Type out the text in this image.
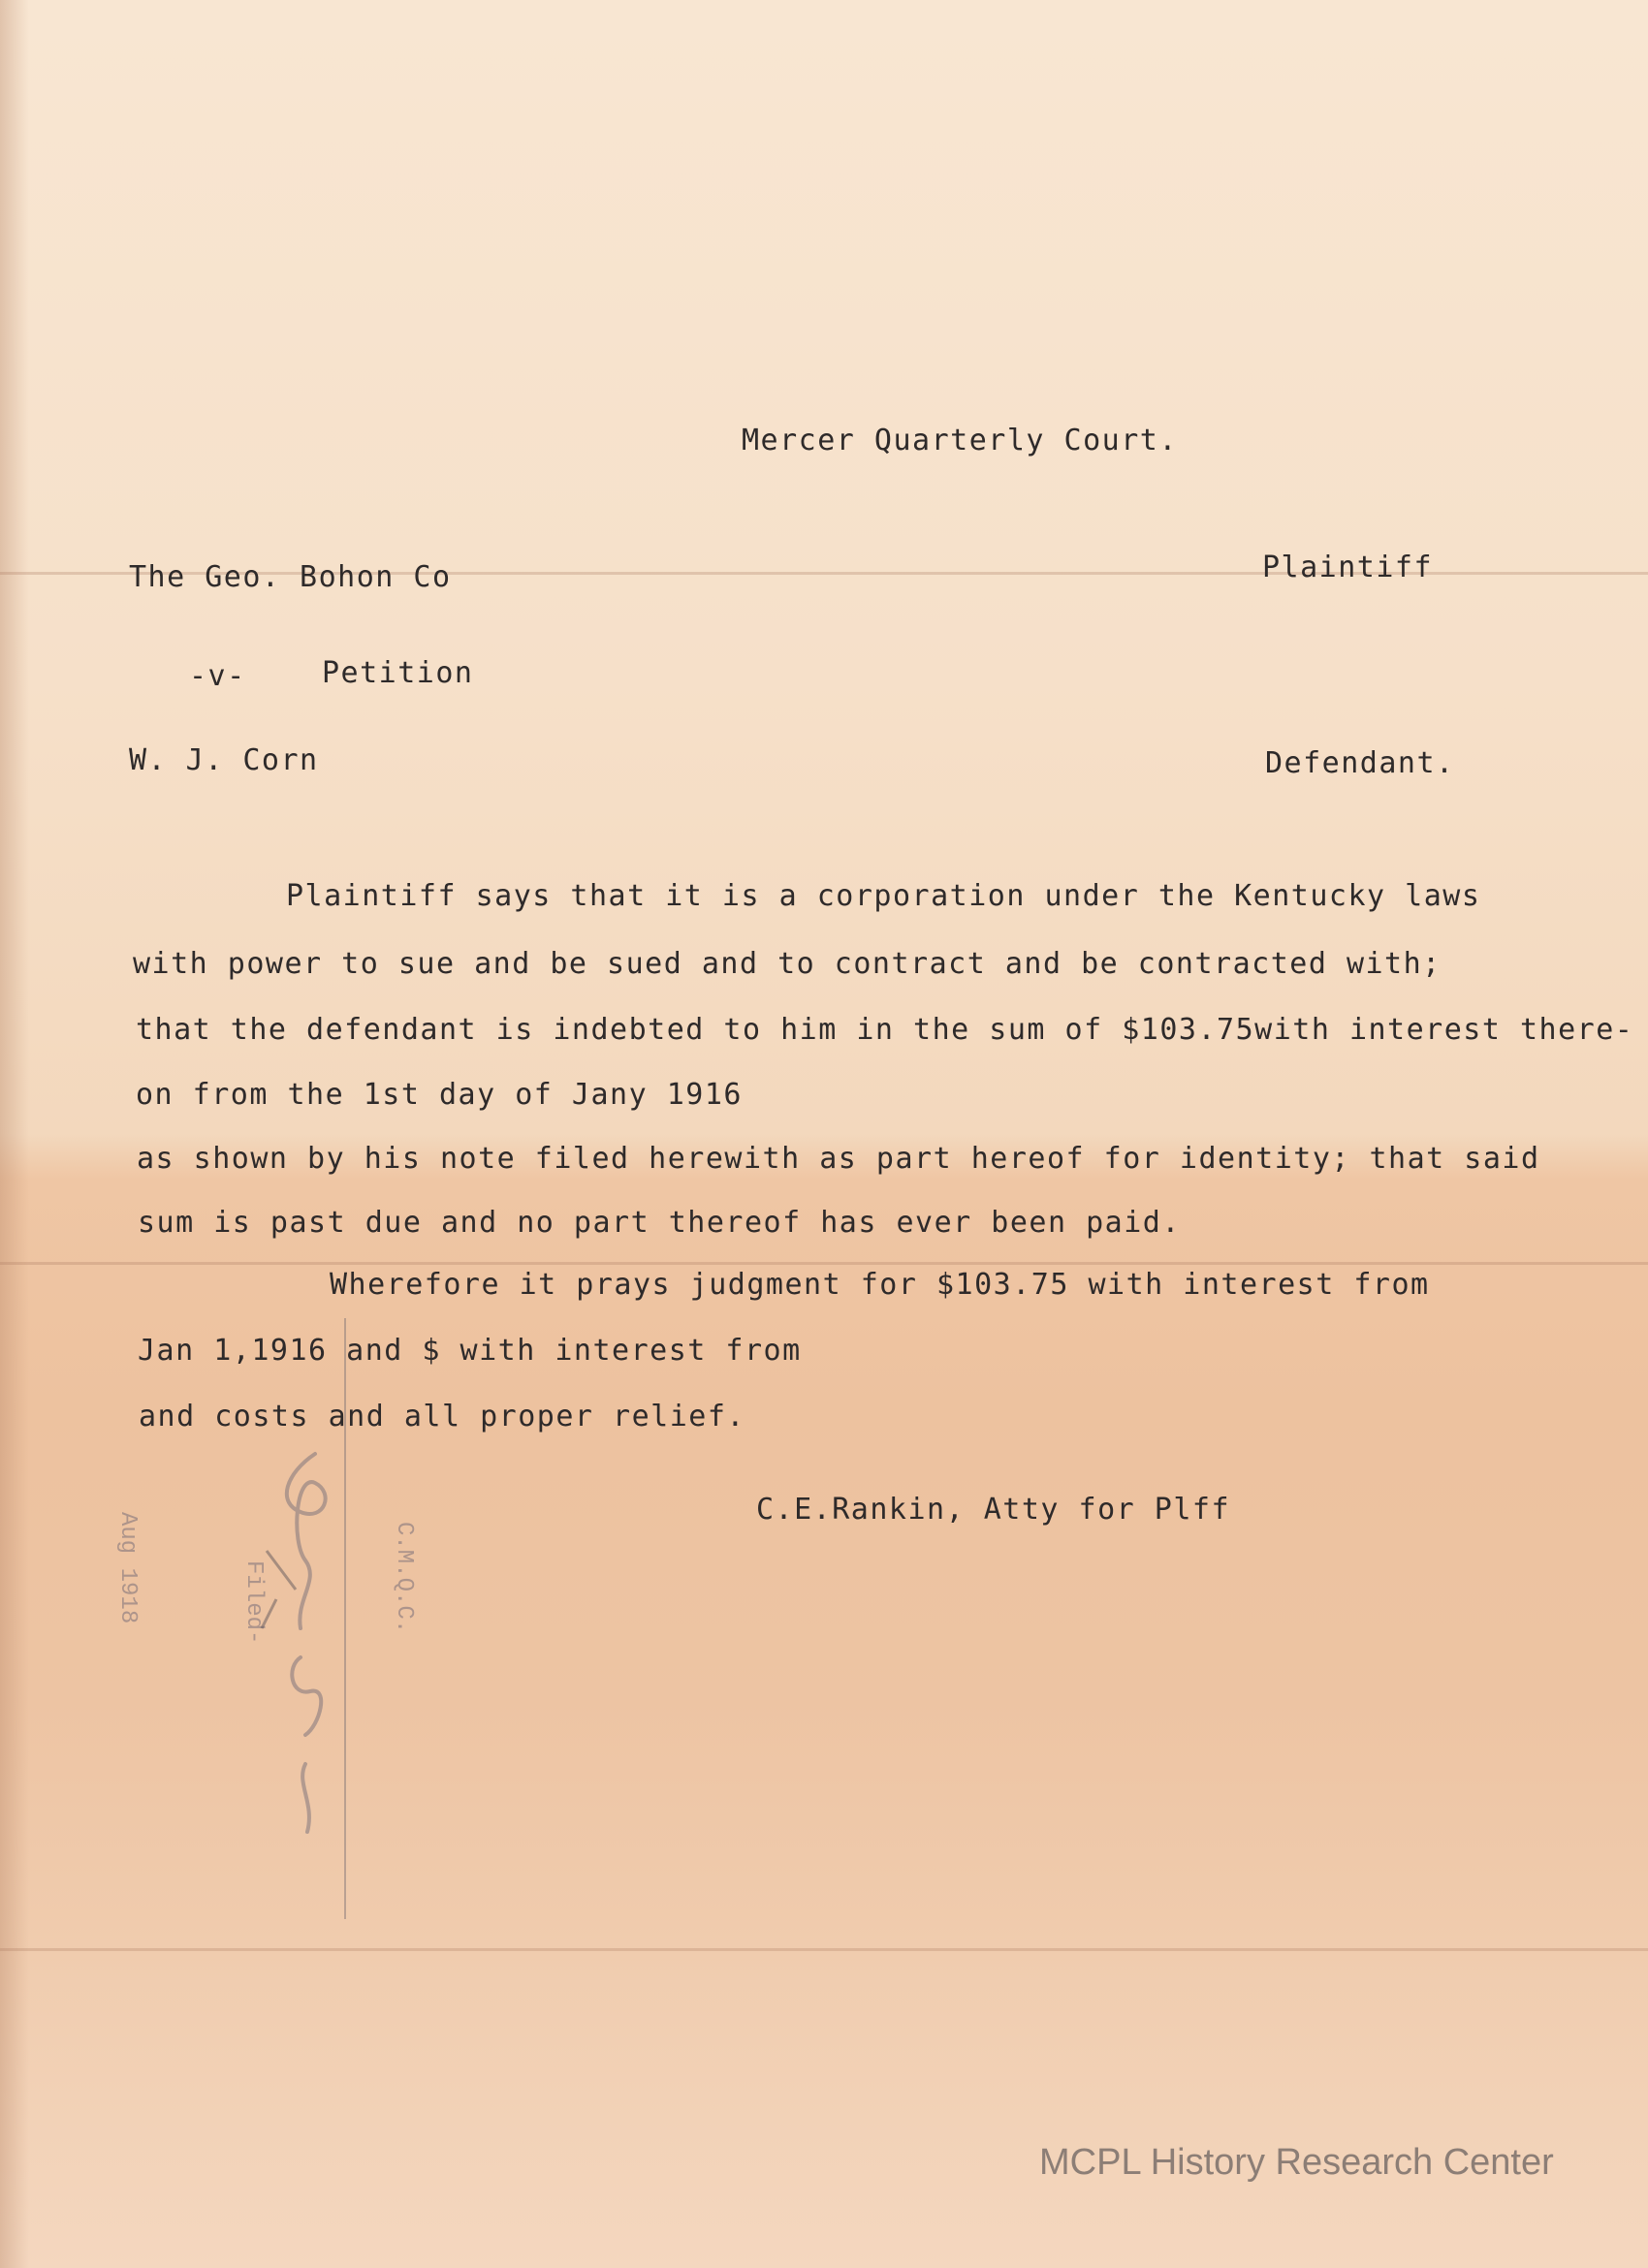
Mercer Quarterly Court.

The Geo. Bohon Co	Plaintiff

-v-	Petition

W. J. Corn	Defendant.

Plaintiff says that it is a corporation under the Kentucky laws

with power to sue and be sued and to contract and be contracted with;

that the defendant is indebted to him in the sum of $103.75with interest there-

on from the 1st day of Jany 1916

as shown by his note filed herewith as part hereof for identity; that said

sum is past due and no part thereof has ever been paid.

Wherefore it prays judgment for $103.75 with interest from

Jan 1,1916 and $ with interest from

and costs and all proper relief.

C.E.Rankin, Atty for Plff

Aug 1918	Filed-	C.M.Q.C.
MCPL History Research Center
